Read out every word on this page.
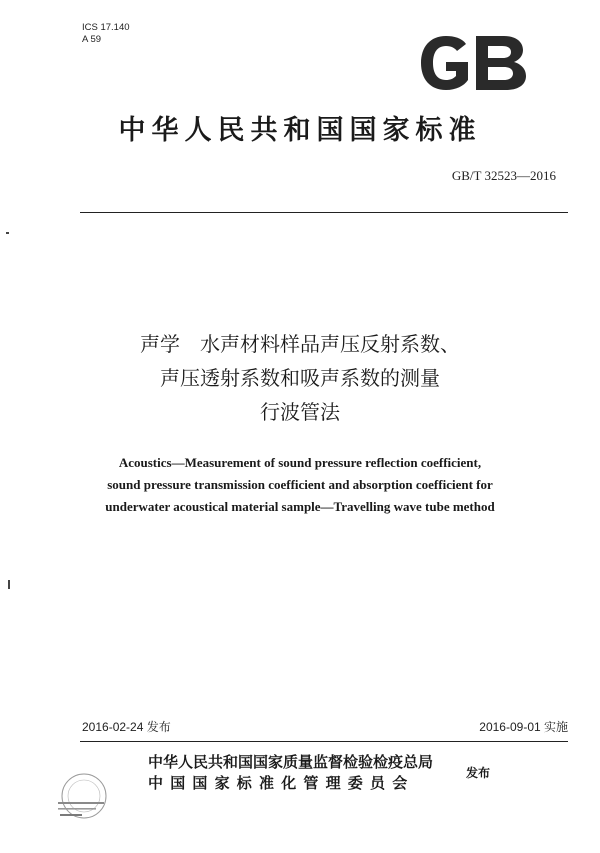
ICS 17.140
A 59
中华人民共和国国家标准
GB/T 32523—2016
声学　水声材料样品声压反射系数、
声压透射系数和吸声系数的测量
行波管法
Acoustics—Measurement of sound pressure reflection coefficient,
sound pressure transmission coefficient and absorption coefficient for
underwater acoustical material sample—Travelling wave tube method
2016-02-24 发布	2016-09-01 实施
中华人民共和国国家质量监督检验检疫总局
中国国家标准化管理委员会
发布
